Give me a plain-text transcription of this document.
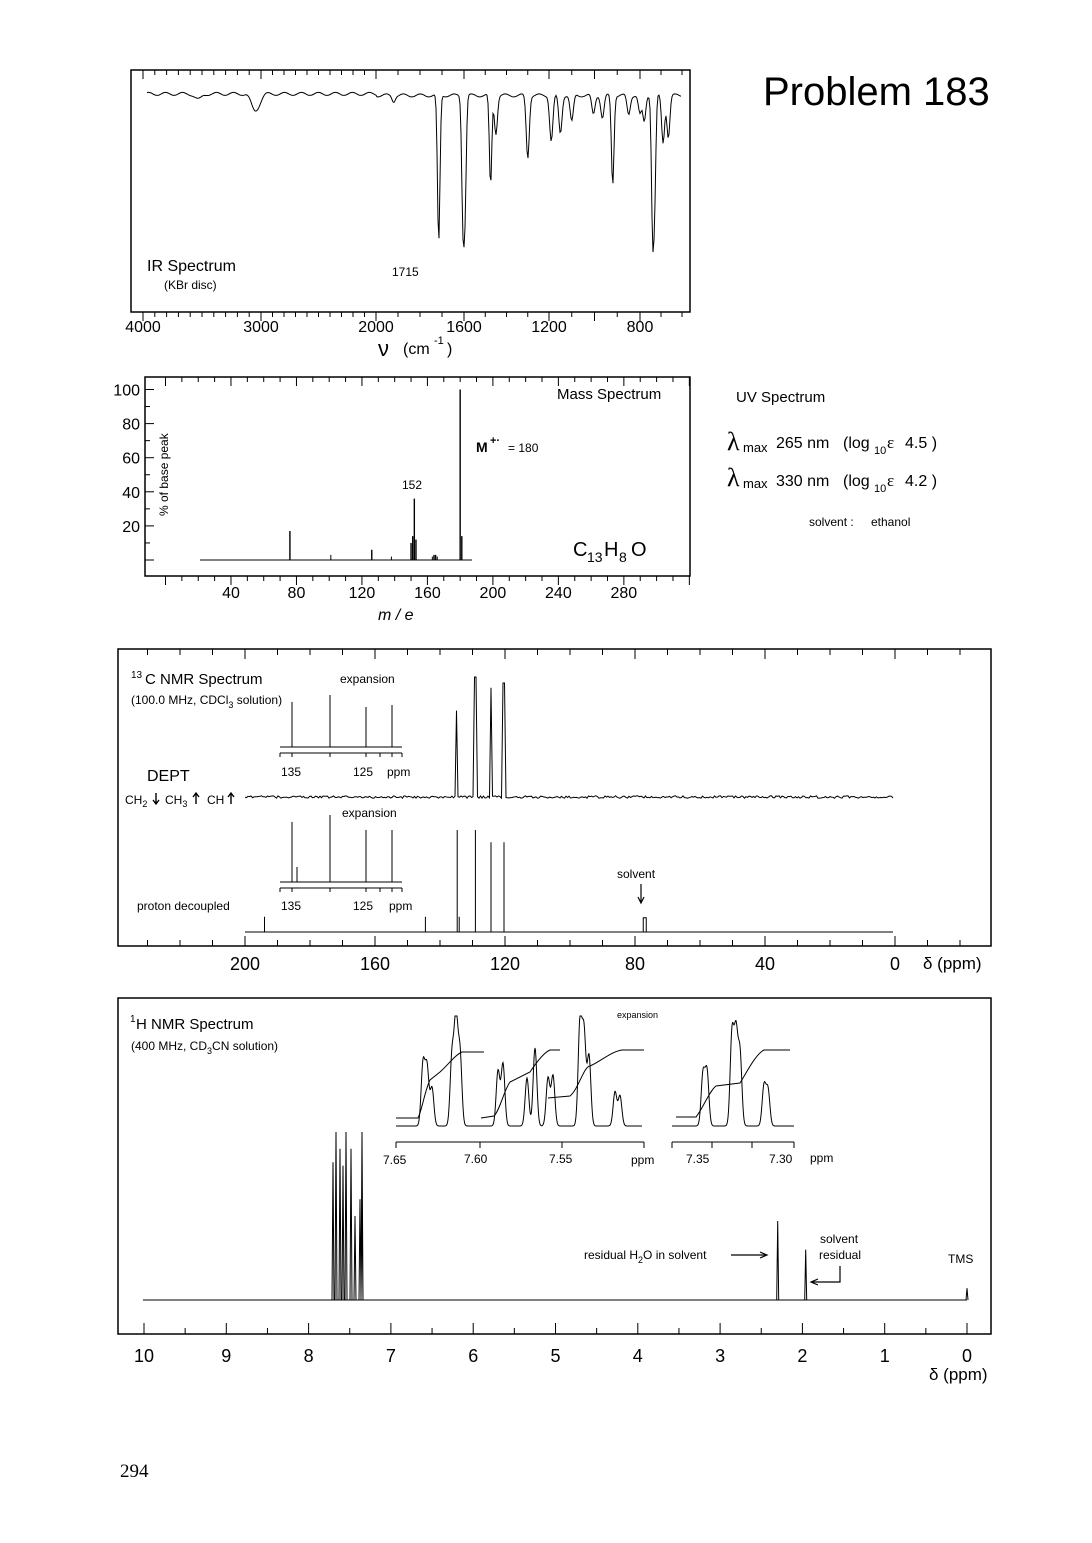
Problem 183
IR Spectrum
(KBr disc)
1715
4000	3000	2000	1600	1200	800
ν (cm -1 )
40	80	120 160 200 240 280
100
80
60
40
20
Mass Spectrum
% of base peak
m / e
152
M +· = 180
C 13 H 8 O
UV Spectrum
λ max 265 nm (log 10 ε 4.5 )
λ max 330 nm (log 10 ε 4.2 )
solvent : ethanol
13 C NMR Spectrum
(100.0 MHz, CDCl$_3$ solution)
expansion
135	125 ppm
DEPT
$CH_2$ $CH_3$ CH
expansion
135	125 ppm
proton decoupled
solvent
200	160	120	80	40	0 δ (ppm)
1 H NMR Spectrum
(400 MHz, $CD_3CN$ solution)
expansion
7.65	7.60	7.55	ppm	7.35	7.30 ppm
residual $H_2O$ in solvent
solvent
residual	TMS
10	9	8	7	6	5	4	3	2	1	0
δ (ppm)
294
